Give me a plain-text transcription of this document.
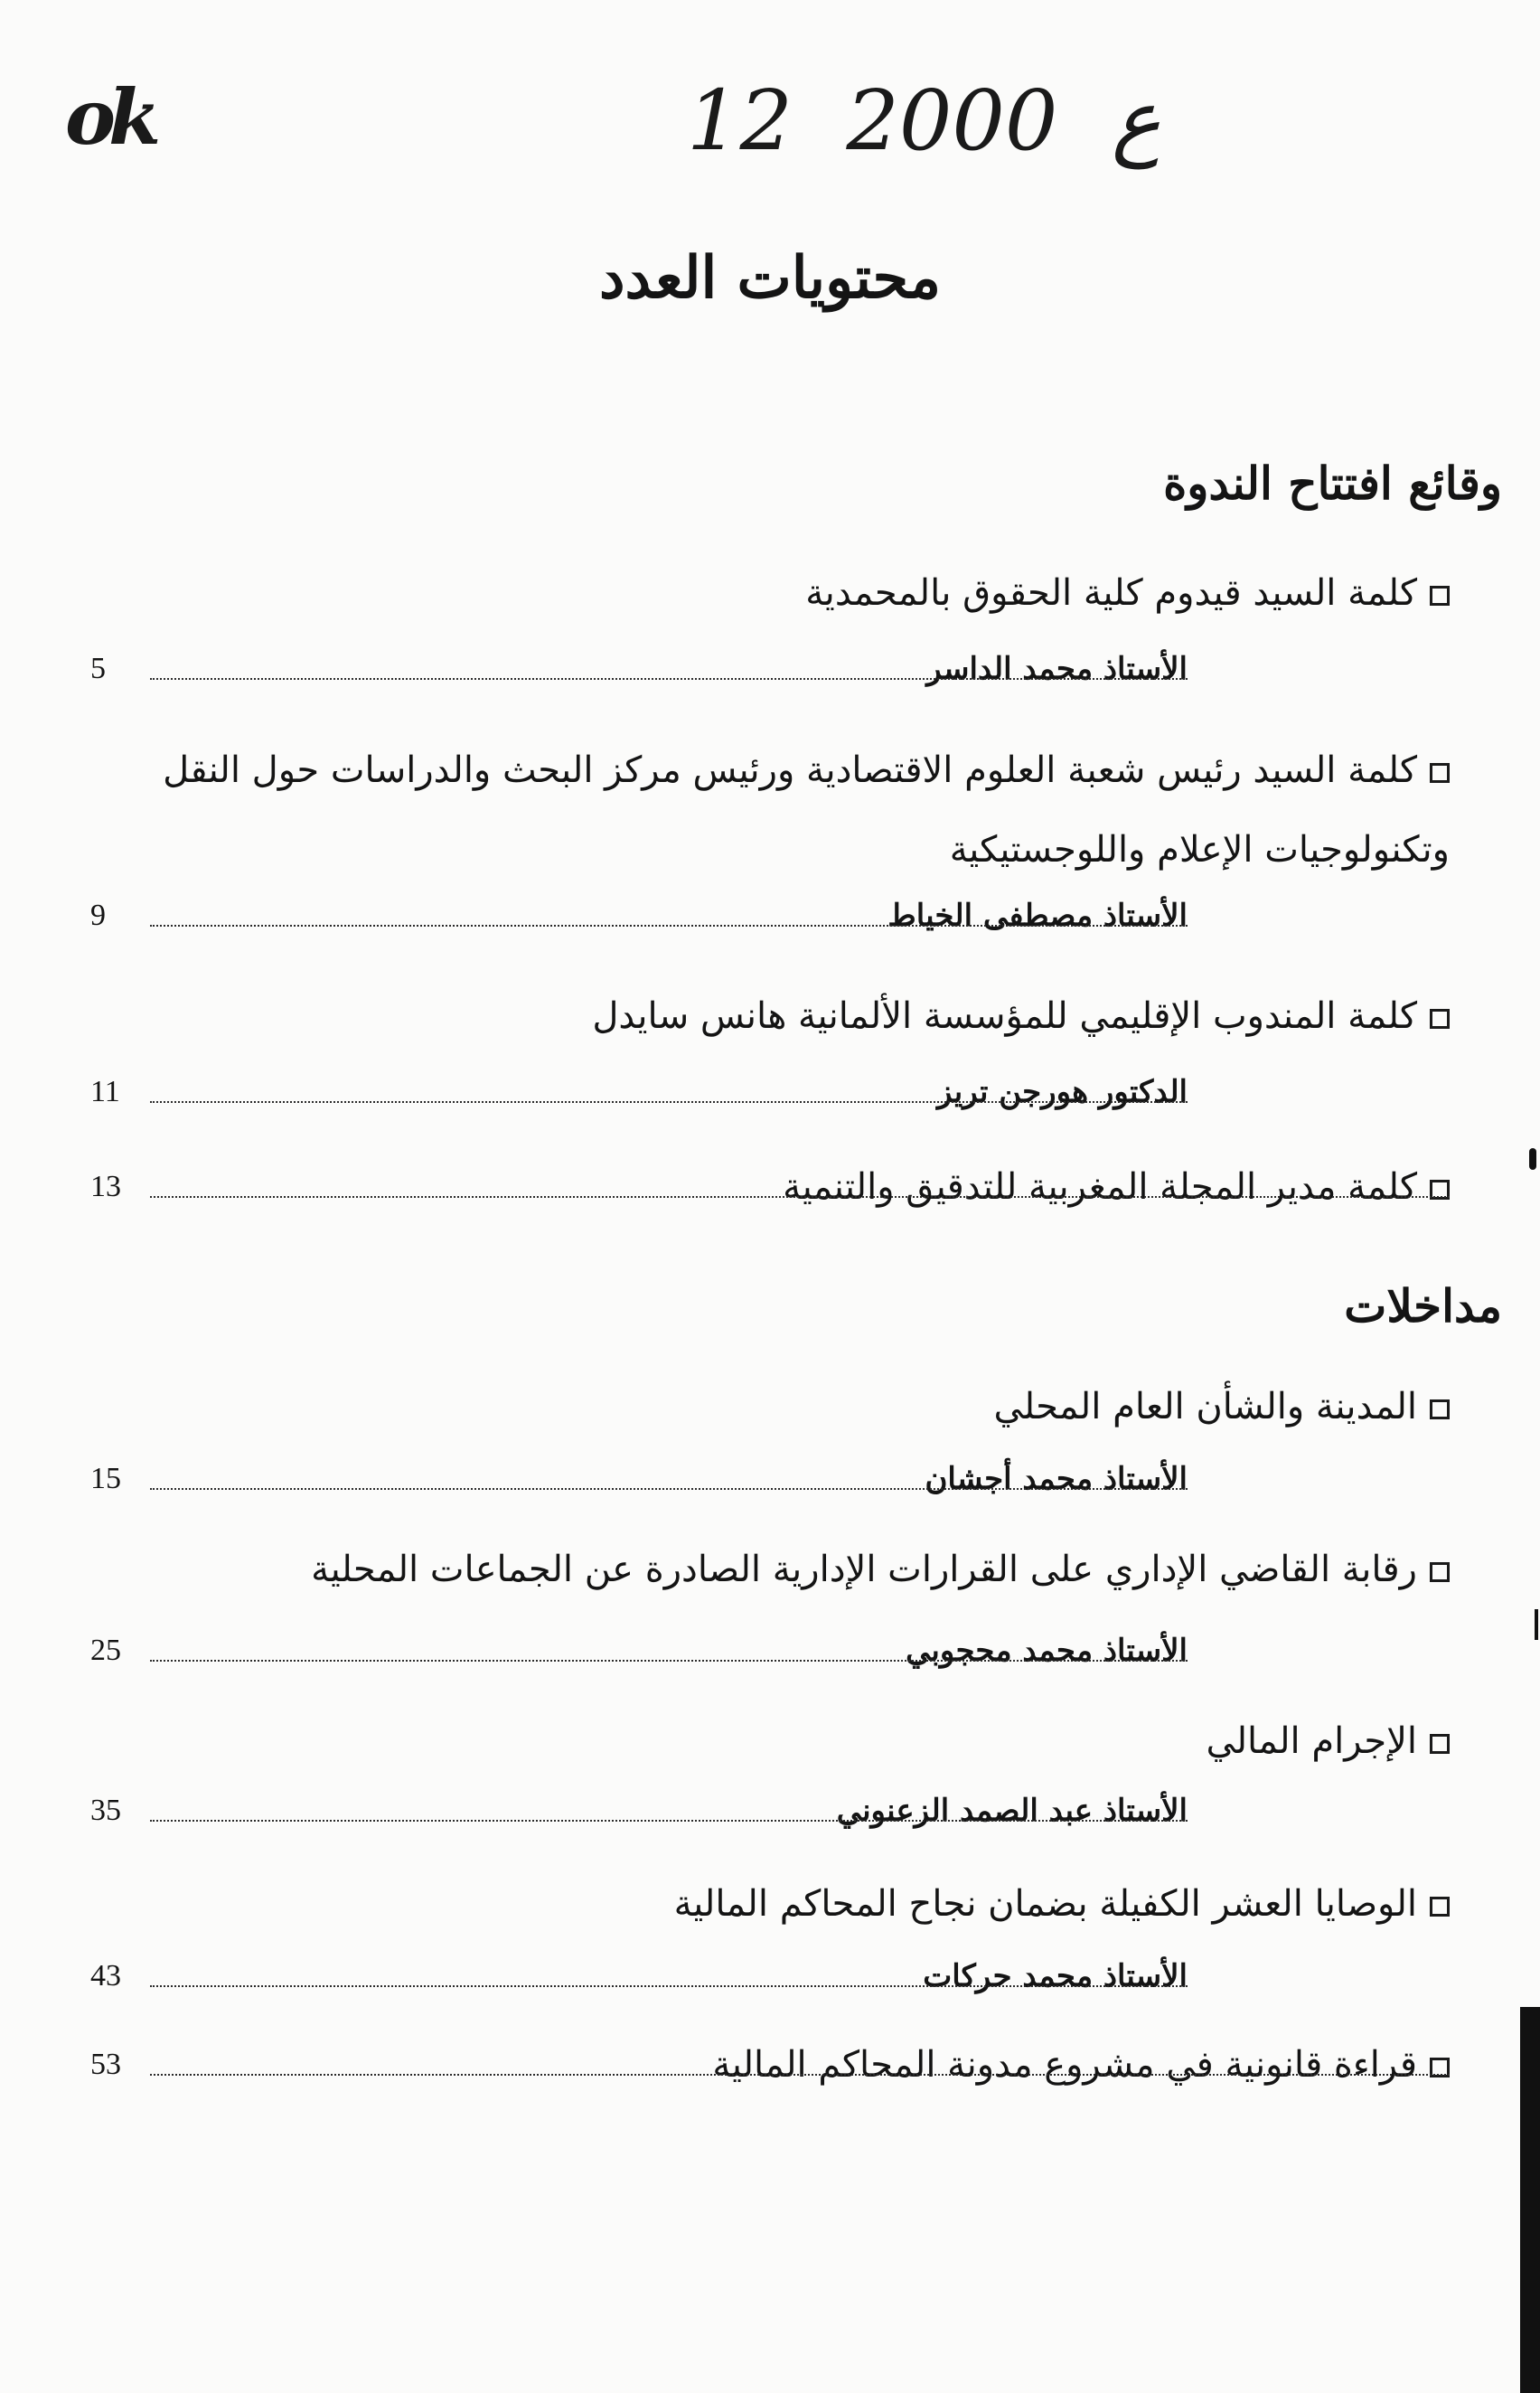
ok	12 ع 2000
محتويات العدد
وقائع افتتاح الندوة
كلمة السيد قيدوم كلية الحقوق بالمحمدية
الأستاذ محمد الداسر
5
كلمة السيد رئيس شعبة العلوم الاقتصادية ورئيس مركز البحث والدراسات حول النقل وتكنولوجيات الإعلام واللوجستيكية
الأستاذ مصطفى الخياط
9
كلمة المندوب الإقليمي للمؤسسة الألمانية هانس سايدل
الدكتور هورجن تريز
11
كلمة مدير المجلة المغربية للتدقيق والتنمية
13
مداخلات
المدينة والشأن العام المحلي
الأستاذ محمد أجشان
15
رقابة القاضي الإداري على القرارات الإدارية الصادرة عن الجماعات المحلية
الأستاذ محمد محجوبي
25
الإجرام المالي
الأستاذ عبد الصمد الزعنوني
35
الوصايا العشر الكفيلة بضمان نجاح المحاكم المالية
الأستاذ محمد حركات
43
قراءة قانونية في مشروع مدونة المحاكم المالية
53
